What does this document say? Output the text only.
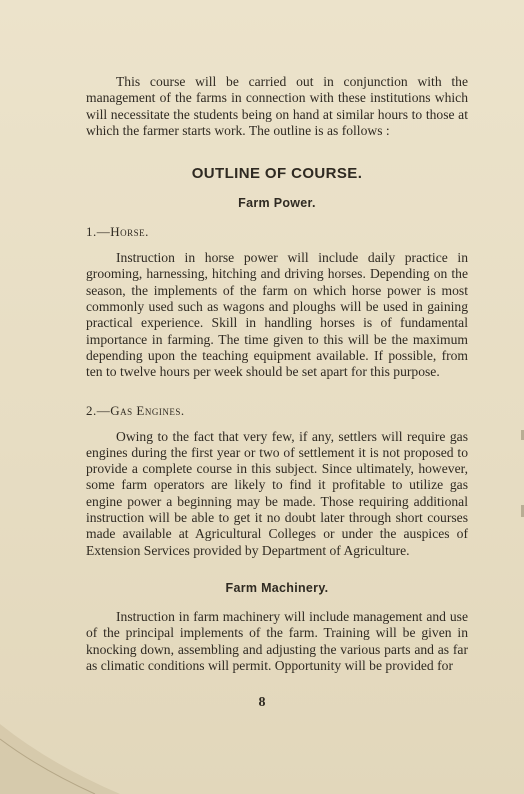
This course will be carried out in conjunction with the management of the farms in connection with these institutions which will necessitate the students being on hand at similar hours to those at which the farmer starts work. The outline is as follows :

OUTLINE OF COURSE.
Farm Power.
1.—Horse.

Instruction in horse power will include daily practice in grooming, harnessing, hitching and driving horses. Depending on the season, the implements of the farm on which horse power is most commonly used such as wagons and ploughs will be used in gaining practical experience. Skill in handling horses is of fundamental importance in farming. The time given to this will be the maximum depending upon the teaching equipment available. If possible, from ten to twelve hours per week should be set apart for this purpose.

2.—Gas Engines.

Owing to the fact that very few, if any, settlers will require gas engines during the first year or two of settlement it is not proposed to provide a complete course in this subject. Since ultimately, however, some farm operators are likely to find it profitable to utilize gas engine power a beginning may be made. Those requiring additional instruction will be able to get it no doubt later through short courses made available at Agricultural Colleges or under the auspices of Extension Services provided by Department of Agriculture.

Farm Machinery.

Instruction in farm machinery will include management and use of the principal implements of the farm. Training will be given in knocking down, assembling and adjusting the various parts and as far as climatic conditions will permit. Opportunity will be provided for

8
